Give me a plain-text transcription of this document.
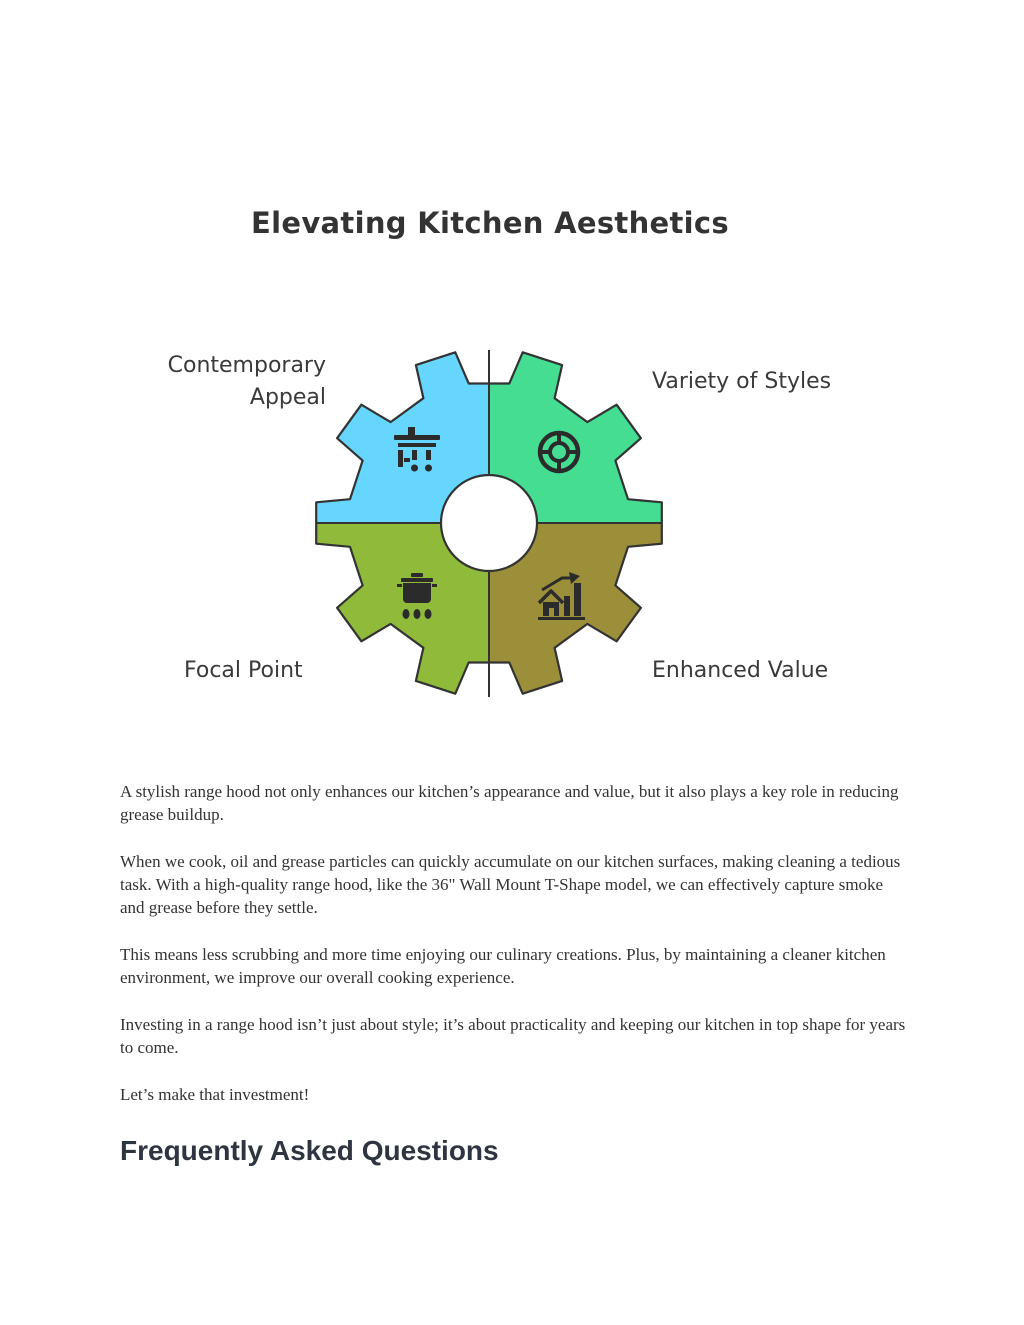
Elevating Kitchen Aesthetics
Contemporary
Appeal
Variety of Styles
Focal Point	Enhanced Value

A stylish range hood not only enhances our kitchen’s appearance and value, but it also plays a key role in reducing grease buildup.

When we cook, oil and grease particles can quickly accumulate on our kitchen surfaces, making cleaning a tedious task. With a high-quality range hood, like the 36" Wall Mount T-Shape model, we can effectively capture smoke and grease before they settle.

This means less scrubbing and more time enjoying our culinary creations. Plus, by maintaining a cleaner kitchen environment, we improve our overall cooking experience.

Investing in a range hood isn’t just about style; it’s about practicality and keeping our kitchen in top shape for years to come.

Let’s make that investment!

Frequently Asked Questions
